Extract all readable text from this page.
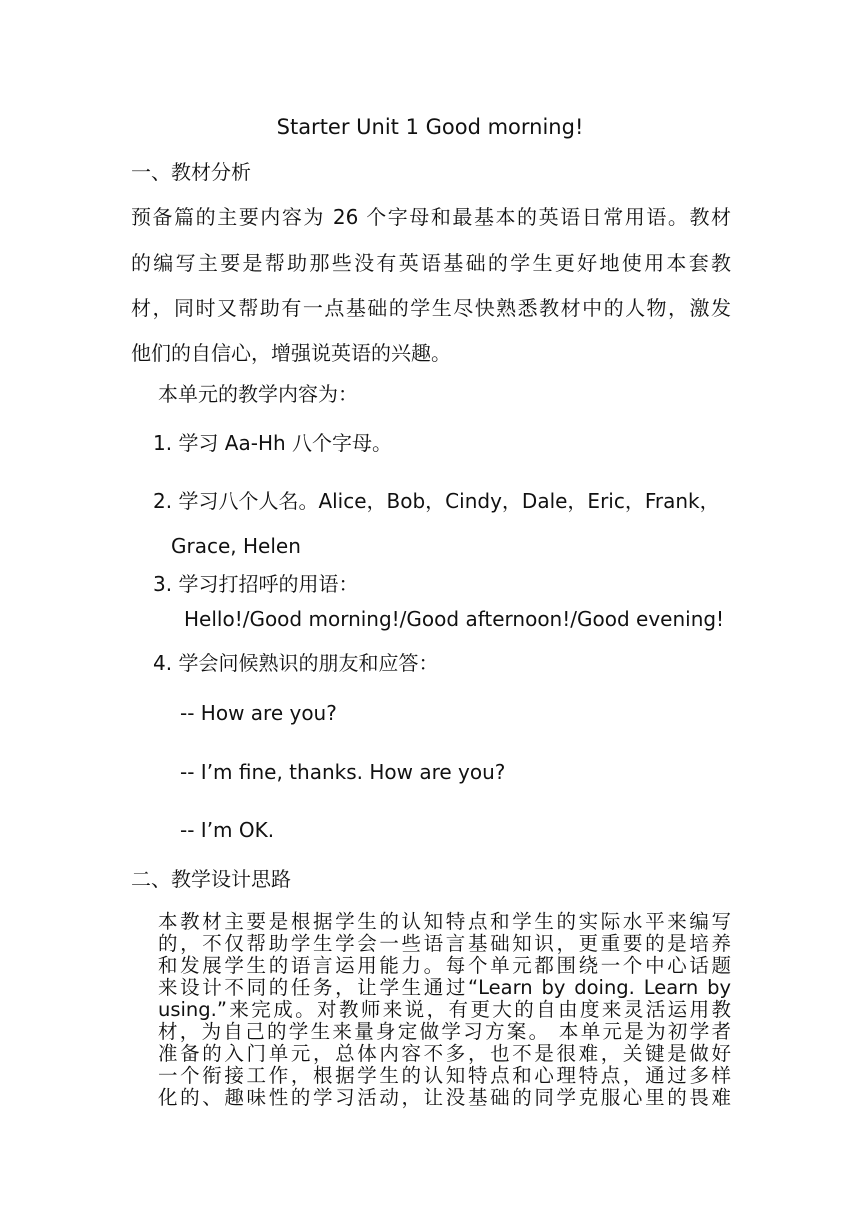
Starter Unit 1 Good morning!
一、教材分析
预备篇的主要内容为 26 个字母和最基本的英语日常用语。教材
的编写主要是帮助那些没有英语基础的学生更好地使用本套教
材，同时又帮助有一点基础的学生尽快熟悉教材中的人物，激发
他们的自信心，增强说英语的兴趣。
本单元的教学内容为：
1. 学习 Aa-Hh 八个字母。
2. 学习八个人名。Alice，Bob，Cindy，Dale，Eric，Frank，
Grace, Helen
3. 学习打招呼的用语：
Hello!/Good morning!/Good afternoon!/Good evening!
4. 学会问候熟识的朋友和应答：
-- How are you?
-- I’m fine, thanks. How are you?
-- I’m OK.
二、教学设计思路
本教材主要是根据学生的认知特点和学生的实际水平来编写
的，不仅帮助学生学会一些语言基础知识，更重要的是培养
和发展学生的语言运用能力。每个单元都围绕一个中心话题
来设计不同的任务，让学生通过“Learn by doing. Learn by
using.”来完成。对教师来说，有更大的自由度来灵活运用教
材，为自己的学生来量身定做学习方案。 本单元是为初学者
准备的入门单元，总体内容不多，也不是很难，关键是做好
一个衔接工作，根据学生的认知特点和心理特点，通过多样
化的、趣味性的学习活动，让没基础的同学克服心里的畏难
